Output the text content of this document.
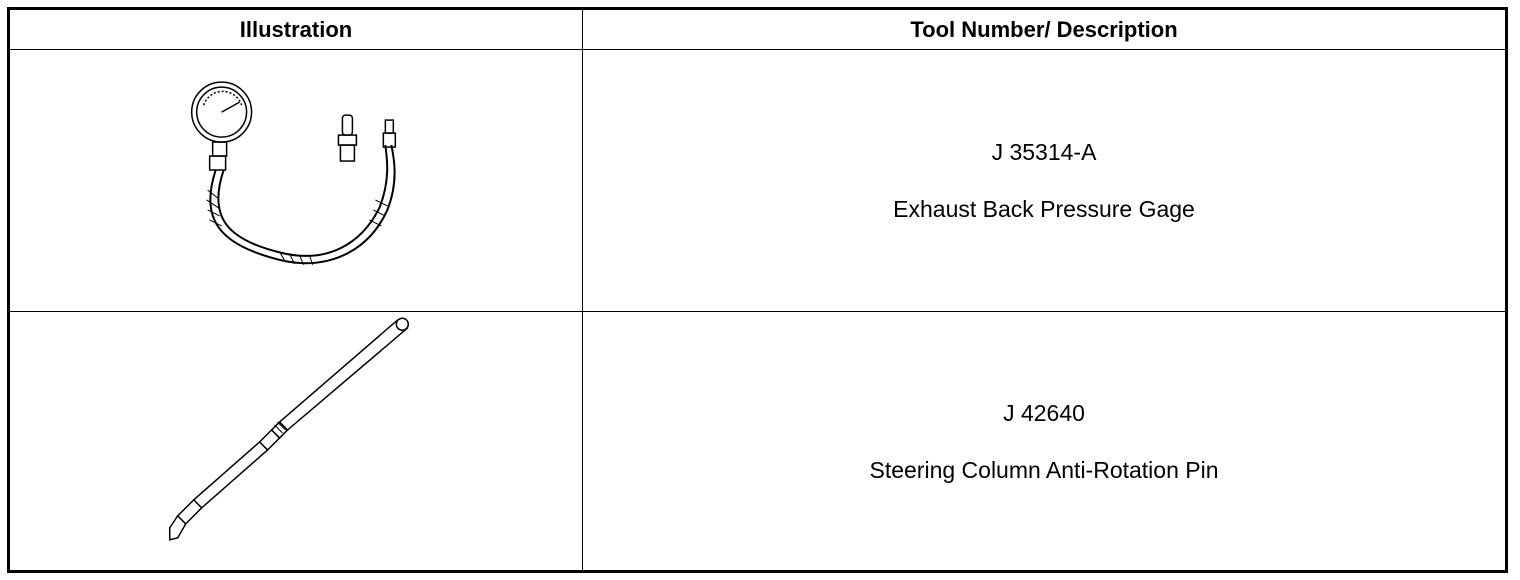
Illustration	Tool Number/ Description
J 35314-A
Exhaust Back Pressure Gage
J 42640
Steering Column Anti-Rotation Pin
